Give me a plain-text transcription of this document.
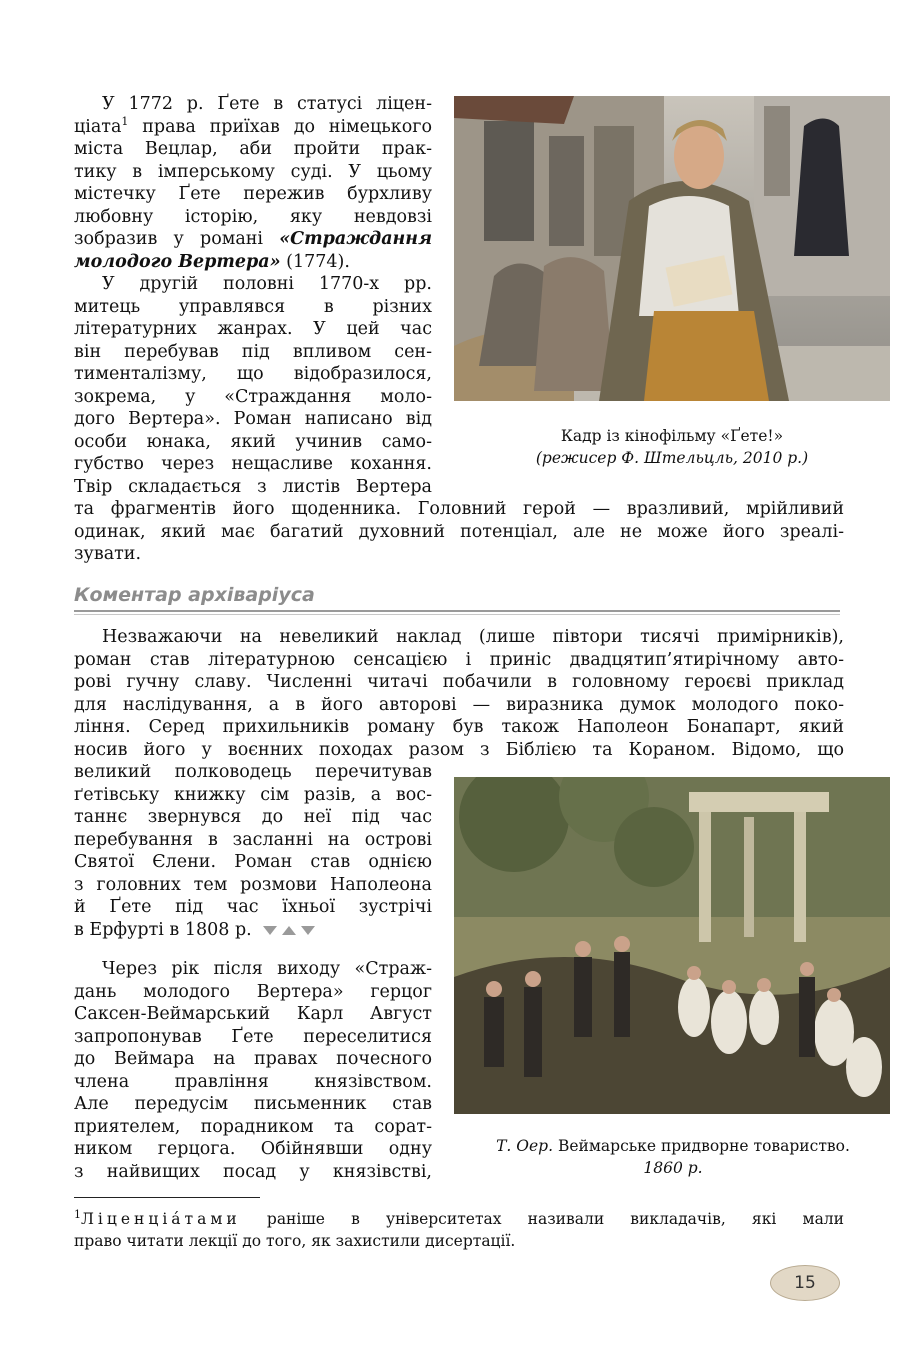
У 1772 р. Ґете в статусі ліцен-

ціата$^1$ права приїхав до німецького

міста Вецлар, аби пройти прак-

тику в імперському суді. У цьому

містечку Ґете пережив бурхливу

любовну історію, яку невдовзі

зобразив у романі «Страждання

молодого Вертера» (1774).

У другій половні 1770-х рр.

митець управлявся в різних

літературних жанрах. У цей час

він перебував під впливом сен-

тименталізму, що відобразилося,

зокрема, у «Страждання моло-

дого Вертера». Роман написано від

особи юнака, який учинив само-

губство через нещасливе кохання.

Твір складається з листів Вертера

та фрагментів його щоденника. Головний герой — вразливий, мрійливий

одинак, який має багатий духовний потенціал, але не може його зреалі-

зувати.

Кадр із кінофільму «Ґете!»
(режисер Ф. Штельцль, 2010 р.)
Коментар архіваріуса

Незважаючи на невеликий наклад (лише півтори тисячі примірників),

роман став літературною сенсацією і приніс двадцятип’ятирічному авто-

рові гучну славу. Численні читачі побачили в головному героєві приклад

для наслідування, а в його авторові — виразника думок молодого поко-

ління. Серед прихильників роману був також Наполеон Бонапарт, який

носив його у воєнних походах разом з Біблією та Кораном. Відомо, що

великий полководець перечитував

ґетівську книжку сім разів, а вос-

таннє звернувся до неї під час

перебування в засланні на острові

Святої Єлени. Роман став однією

з головних тем розмови Наполеона

й Ґете під час їхньої зустрічі

в Ерфурті в 1808 р.

Через рік після виходу «Страж-

дань молодого Вертера» герцог

Саксен-Веймарський Карл Август

запропонував Ґете переселитися

до Веймара на правах почесного

члена правління князівством.

Але передусім письменник став

приятелем, порадником та сорат-

ником герцога. Обійнявши одну

з найвищих посад у князівстві,

Т. Оер. Веймарське придворне товариство.
1860 р.
$^1$Ліценціáтами раніше в університетах називали викладачів, які мали
право читати лекції до того, як захистили дисертації.
15
